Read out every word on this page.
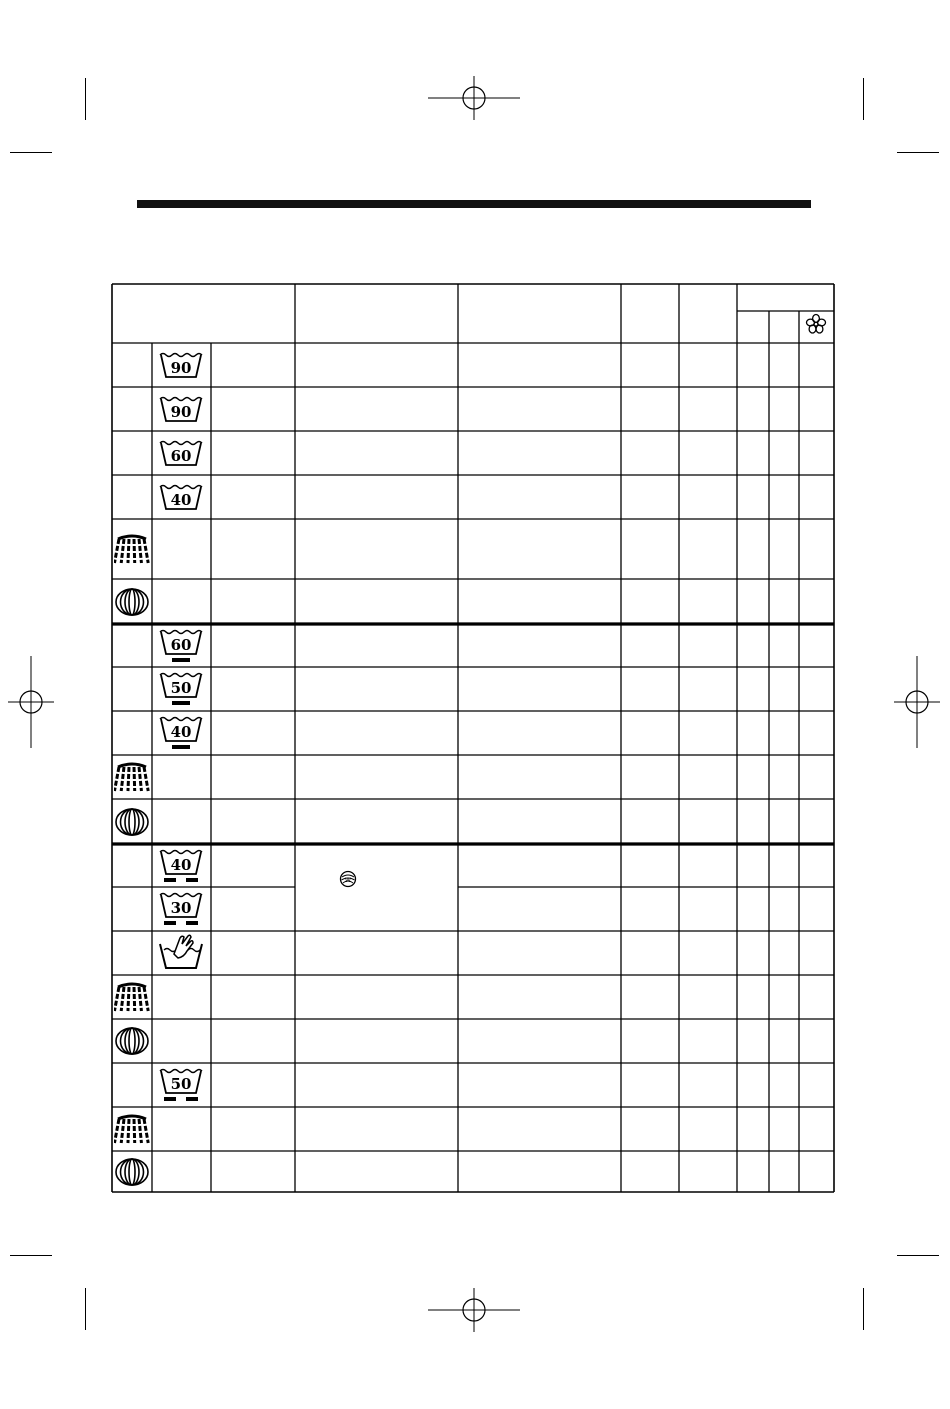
W
90
90
60
40
60
50
40
40
30
50
